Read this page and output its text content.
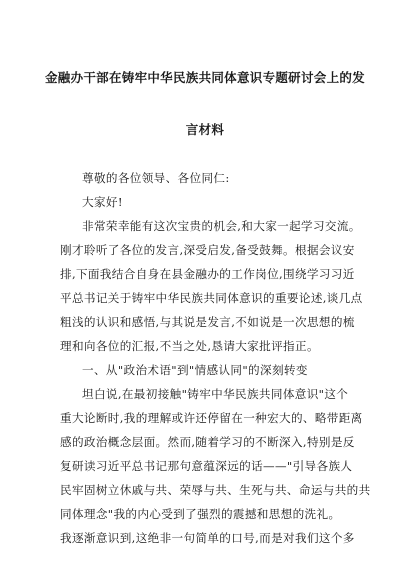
金融办干部在铸牢中华民族共同体意识专题研讨会上的发
言材料
尊敬的各位领导、各位同仁:
大家好!
非常荣幸能有这次宝贵的机会,和大家一起学习交流。
刚才聆听了各位的发言,深受启发,备受鼓舞。根据会议安
排,下面我结合自身在县金融办的工作岗位,围绕学习习近
平总书记关于铸牢中华民族共同体意识的重要论述,谈几点
粗浅的认识和感悟,与其说是发言,不如说是一次思想的梳
理和向各位的汇报,不当之处,恳请大家批评指正。
一、从"政治术语"到"情感认同"的深刻转变
坦白说,在最初接触"铸牢中华民族共同体意识"这个
重大论断时,我的理解或许还停留在一种宏大的、略带距离
感的政治概念层面。然而,随着学习的不断深入,特别是反
复研读习近平总书记那句意蕴深远的话——"引导各族人
民牢固树立休戚与共、荣辱与共、生死与共、命运与共的共
同体理念"我的内心受到了强烈的震撼和思想的洗礼。
我逐渐意识到,这绝非一句简单的口号,而是对我们这个多
